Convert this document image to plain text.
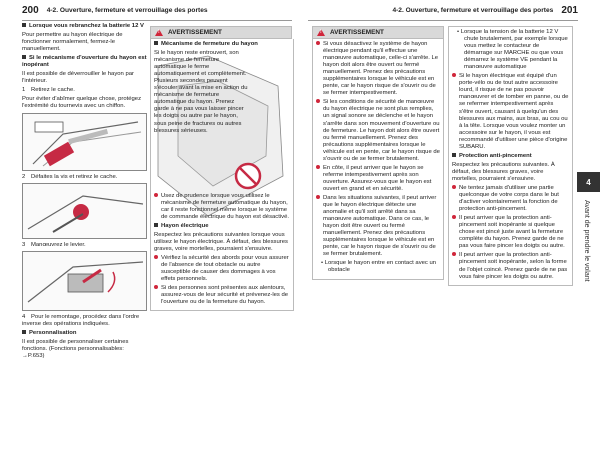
200 4-2. Ouverture, fermeture et verrouillage des portes	4-2. Ouverture, fermeture et verrouillage des portes 201

Lorsque vous rebranchez la batterie 12 V

Pour permettre au hayon électrique de fonctionner normalement, fermez-le manuellement.

Si le mécanisme d'ouverture du hayon est inopérant

Il est possible de déverrouiller le hayon par l'intérieur.

1 Retirez le cache.

Pour éviter d'abîmer quelque chose, protégez l'extrémité du tournevis avec un chiffon.

2 Défaites la vis et retirez le cache.

3 Manœuvrez le levier.

4 Pour le remontage, procédez dans l'ordre inverse des opérations indiquées.

Personnalisation

Il est possible de personnaliser certaines fonctions. (Fonctions personnalisables: →P.653)

!
AVERTISSEMENT

Mécanisme de fermeture du hayon

Si le hayon reste entrouvert, son mécanisme de fermeture automatique le ferme automatiquement et complètement. Plusieurs secondes peuvent s'écouler avant la mise en action du mécanisme de fermeture automatique du hayon. Prenez garde à ne pas vous laisser pincer les doigts ou autre par le hayon, sous peine de fractures ou autres blessures sérieuses.

Usez de prudence lorsque vous utilisez le mécanisme de fermeture automatique du hayon, car il reste fonctionnel même lorsque le système de commande électrique du hayon est désactivé.

Hayon électrique

Respectez les précautions suivantes lorsque vous utilisez le hayon électrique. À défaut, des blessures graves, voire mortelles, pourraient s'ensuivre.

Vérifiez la sécurité des abords pour vous assurer de l'absence de tout obstacle ou autre susceptible de causer des dommages à vos effets personnels.

Si des personnes sont présentes aux alentours, assurez-vous de leur sécurité et prévenez-les de l'ouverture ou de la fermeture du hayon.

!
AVERTISSEMENT

Si vous désactivez le système de hayon électrique pendant qu'il effectue une manœuvre automatique, celle-ci s'arrête. Le hayon doit alors être ouvert ou fermé manuellement. Prenez des précautions supplémentaires lorsque le véhicule est en pente, car le hayon risque de s'ouvrir ou de se fermer intempestivement.

Si les conditions de sécurité de manœuvre du hayon électrique ne sont plus remplies, un signal sonore se déclenche et le hayon s'arrête dans son mouvement d'ouverture ou de fermeture. Le hayon doit alors être ouvert ou fermé manuellement. Prenez des précautions supplémentaires lorsque le véhicule est en pente, car le hayon risque de s'ouvrir ou de se fermer brutalement.

En côte, il peut arriver que le hayon se referme intempestivement après son ouverture. Assurez-vous que le hayon est ouvert en grand et en sécurité.

Dans les situations suivantes, il peut arriver que le hayon électrique détecte une anomalie et qu'il soit arrêté dans sa manœuvre automatique. Dans ce cas, le hayon doit être ouvert ou fermé manuellement. Prenez des précautions supplémentaires lorsque le véhicule est en pente, car le hayon risque de s'ouvrir ou de se fermer brutalement.

• Lorsque le hayon entre en contact avec un obstacle

• Lorsque la tension de la batterie 12 V chute brutalement, par exemple lorsque vous mettez le contacteur de démarrage sur MARCHE ou que vous démarrez le système VE pendant la manœuvre automatique

Si le hayon électrique est équipé d'un porte-vélo ou de tout autre accessoire lourd, il risque de ne pas pouvoir manœuvrer et de tomber en panne, ou de se refermer intempestivement après s'être ouvert, causant à quelqu'un des blessures aux mains, aux bras, au cou ou à la tête. Lorsque vous voulez monter un accessoire sur le hayon, il vous est recommandé d'utiliser une pièce d'origine SUBARU.

Protection anti-pincement

Respectez les précautions suivantes. À défaut, des blessures graves, voire mortelles, pourraient s'ensuivre.

Ne tentez jamais d'utiliser une partie quelconque de votre corps dans le but d'activer volontairement la fonction de protection anti-pincement.

Il peut arriver que la protection anti-pincement soit inopérante si quelque chose est pincé juste avant la fermeture complète du hayon. Prenez garde de ne pas vous faire pincer les doigts ou autre.

Il peut arriver que la protection anti-pincement soit inopérante, selon la forme de l'objet coincé. Prenez garde de ne pas vous faire pincer les doigts ou autre.

4
Avant de prendre le volant
